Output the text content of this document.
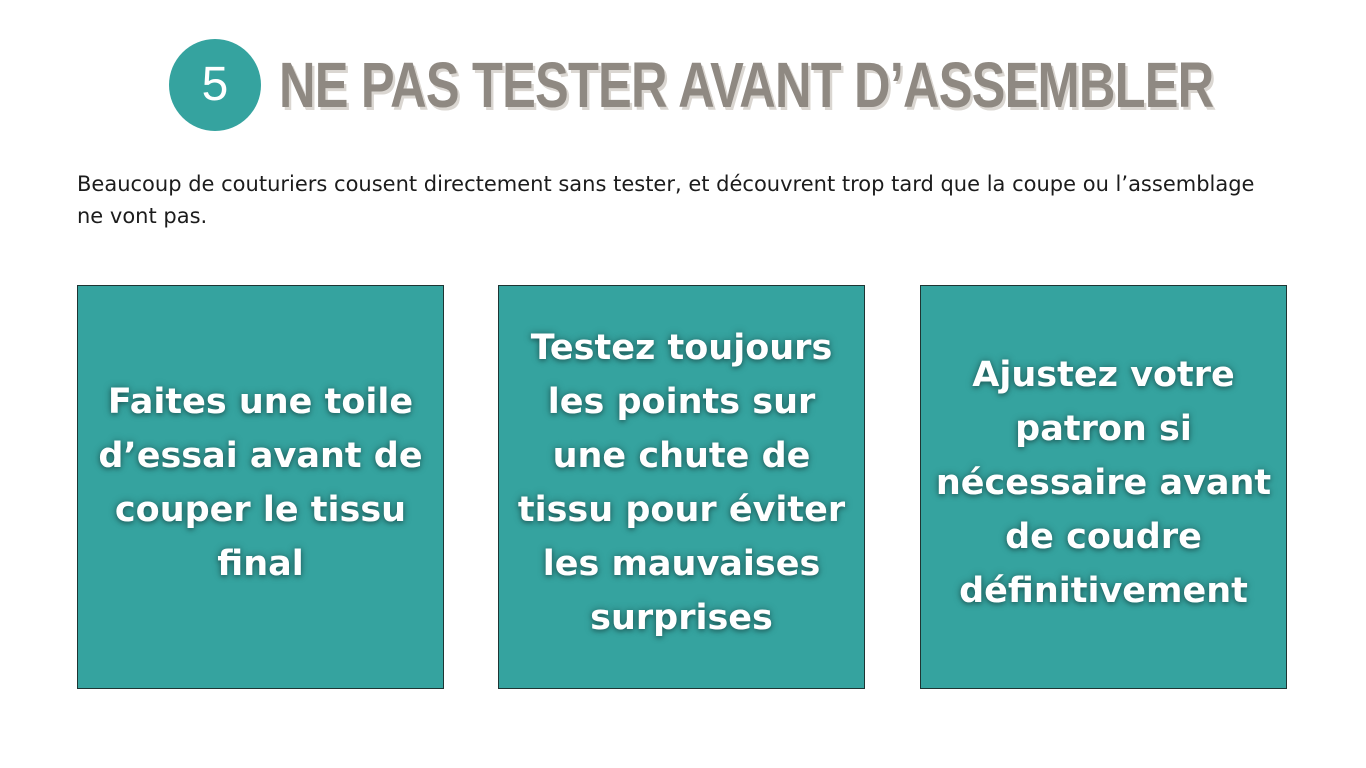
5 NE PAS TESTER AVANT D’ASSEMBLER
Beaucoup de couturiers cousent directement sans tester, et découvrent trop tard que la coupe ou l’assemblage ne vont pas.
Faites une toile d’essai avant de couper le tissu final
Testez toujours les points sur une chute de tissu pour éviter les mauvaises surprises
Ajustez votre patron si nécessaire avant de coudre définitivement
